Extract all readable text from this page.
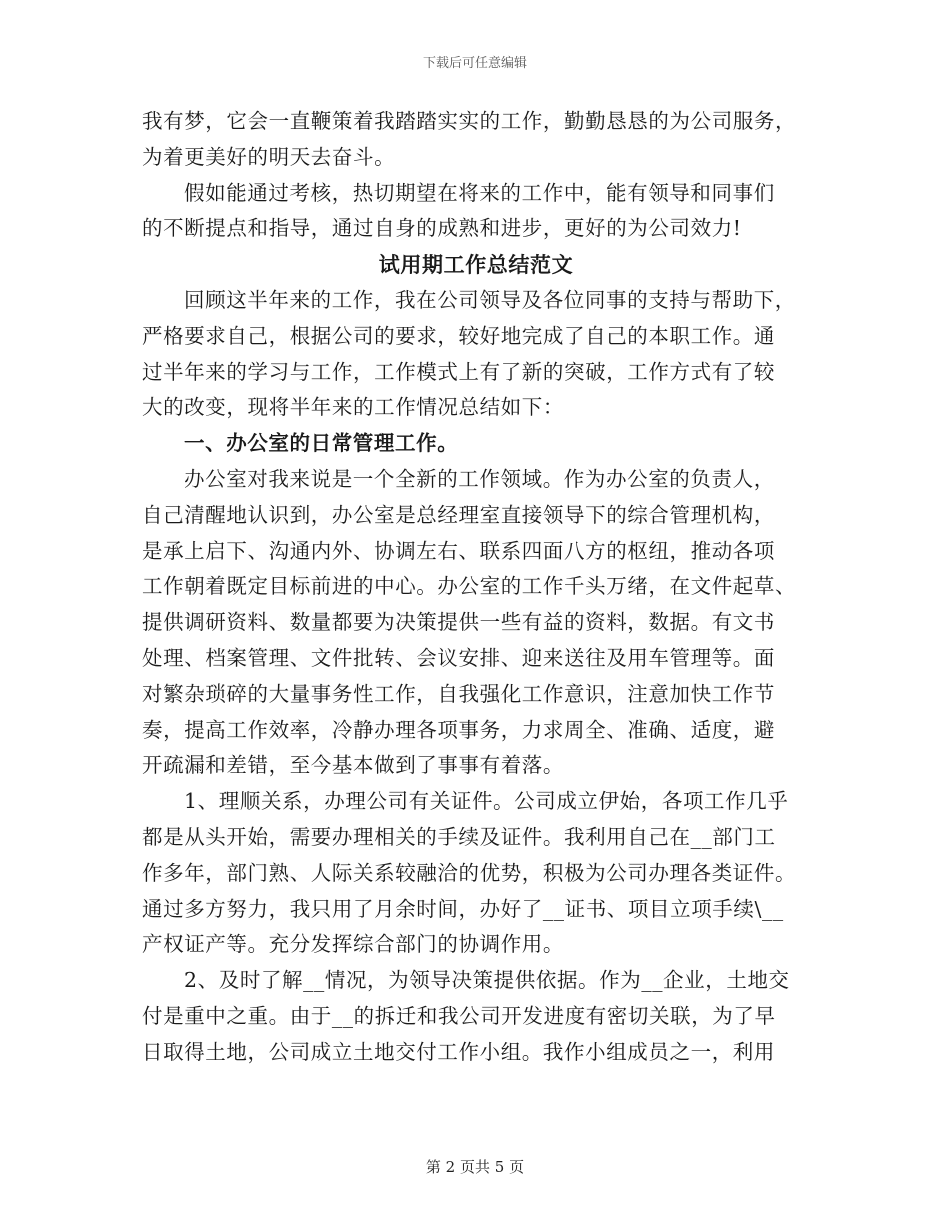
下载后可任意编辑
我有梦，它会一直鞭策着我踏踏实实的工作，勤勤恳恳的为公司服务，
为着更美好的明天去奋斗。
假如能通过考核，热切期望在将来的工作中，能有领导和同事们
的不断提点和指导，通过自身的成熟和进步，更好的为公司效力!
试用期工作总结范文
回顾这半年来的工作，我在公司领导及各位同事的支持与帮助下，
严格要求自己，根据公司的要求，较好地完成了自己的本职工作。通
过半年来的学习与工作，工作模式上有了新的突破，工作方式有了较
大的改变，现将半年来的工作情况总结如下：
一、办公室的日常管理工作。
办公室对我来说是一个全新的工作领域。作为办公室的负责人，
自己清醒地认识到，办公室是总经理室直接领导下的综合管理机构，
是承上启下、沟通内外、协调左右、联系四面八方的枢纽，推动各项
工作朝着既定目标前进的中心。办公室的工作千头万绪，在文件起草、
提供调研资料、数量都要为决策提供一些有益的资料，数据。有文书
处理、档案管理、文件批转、会议安排、迎来送往及用车管理等。面
对繁杂琐碎的大量事务性工作，自我强化工作意识，注意加快工作节
奏，提高工作效率，冷静办理各项事务，力求周全、准确、适度，避
开疏漏和差错，至今基本做到了事事有着落。
1、理顺关系，办理公司有关证件。公司成立伊始，各项工作几乎
都是从头开始，需要办理相关的手续及证件。我利用自己在__部门工
作多年，部门熟、人际关系较融洽的优势，积极为公司办理各类证件。
通过多方努力，我只用了月余时间，办好了__证书、项目立项手续\__
产权证产等。充分发挥综合部门的协调作用。
2、及时了解__情况，为领导决策提供依据。作为__企业，土地交
付是重中之重。由于__的拆迁和我公司开发进度有密切关联，为了早
日取得土地，公司成立土地交付工作小组。我作小组成员之一，利用
第 2 页共 5 页
